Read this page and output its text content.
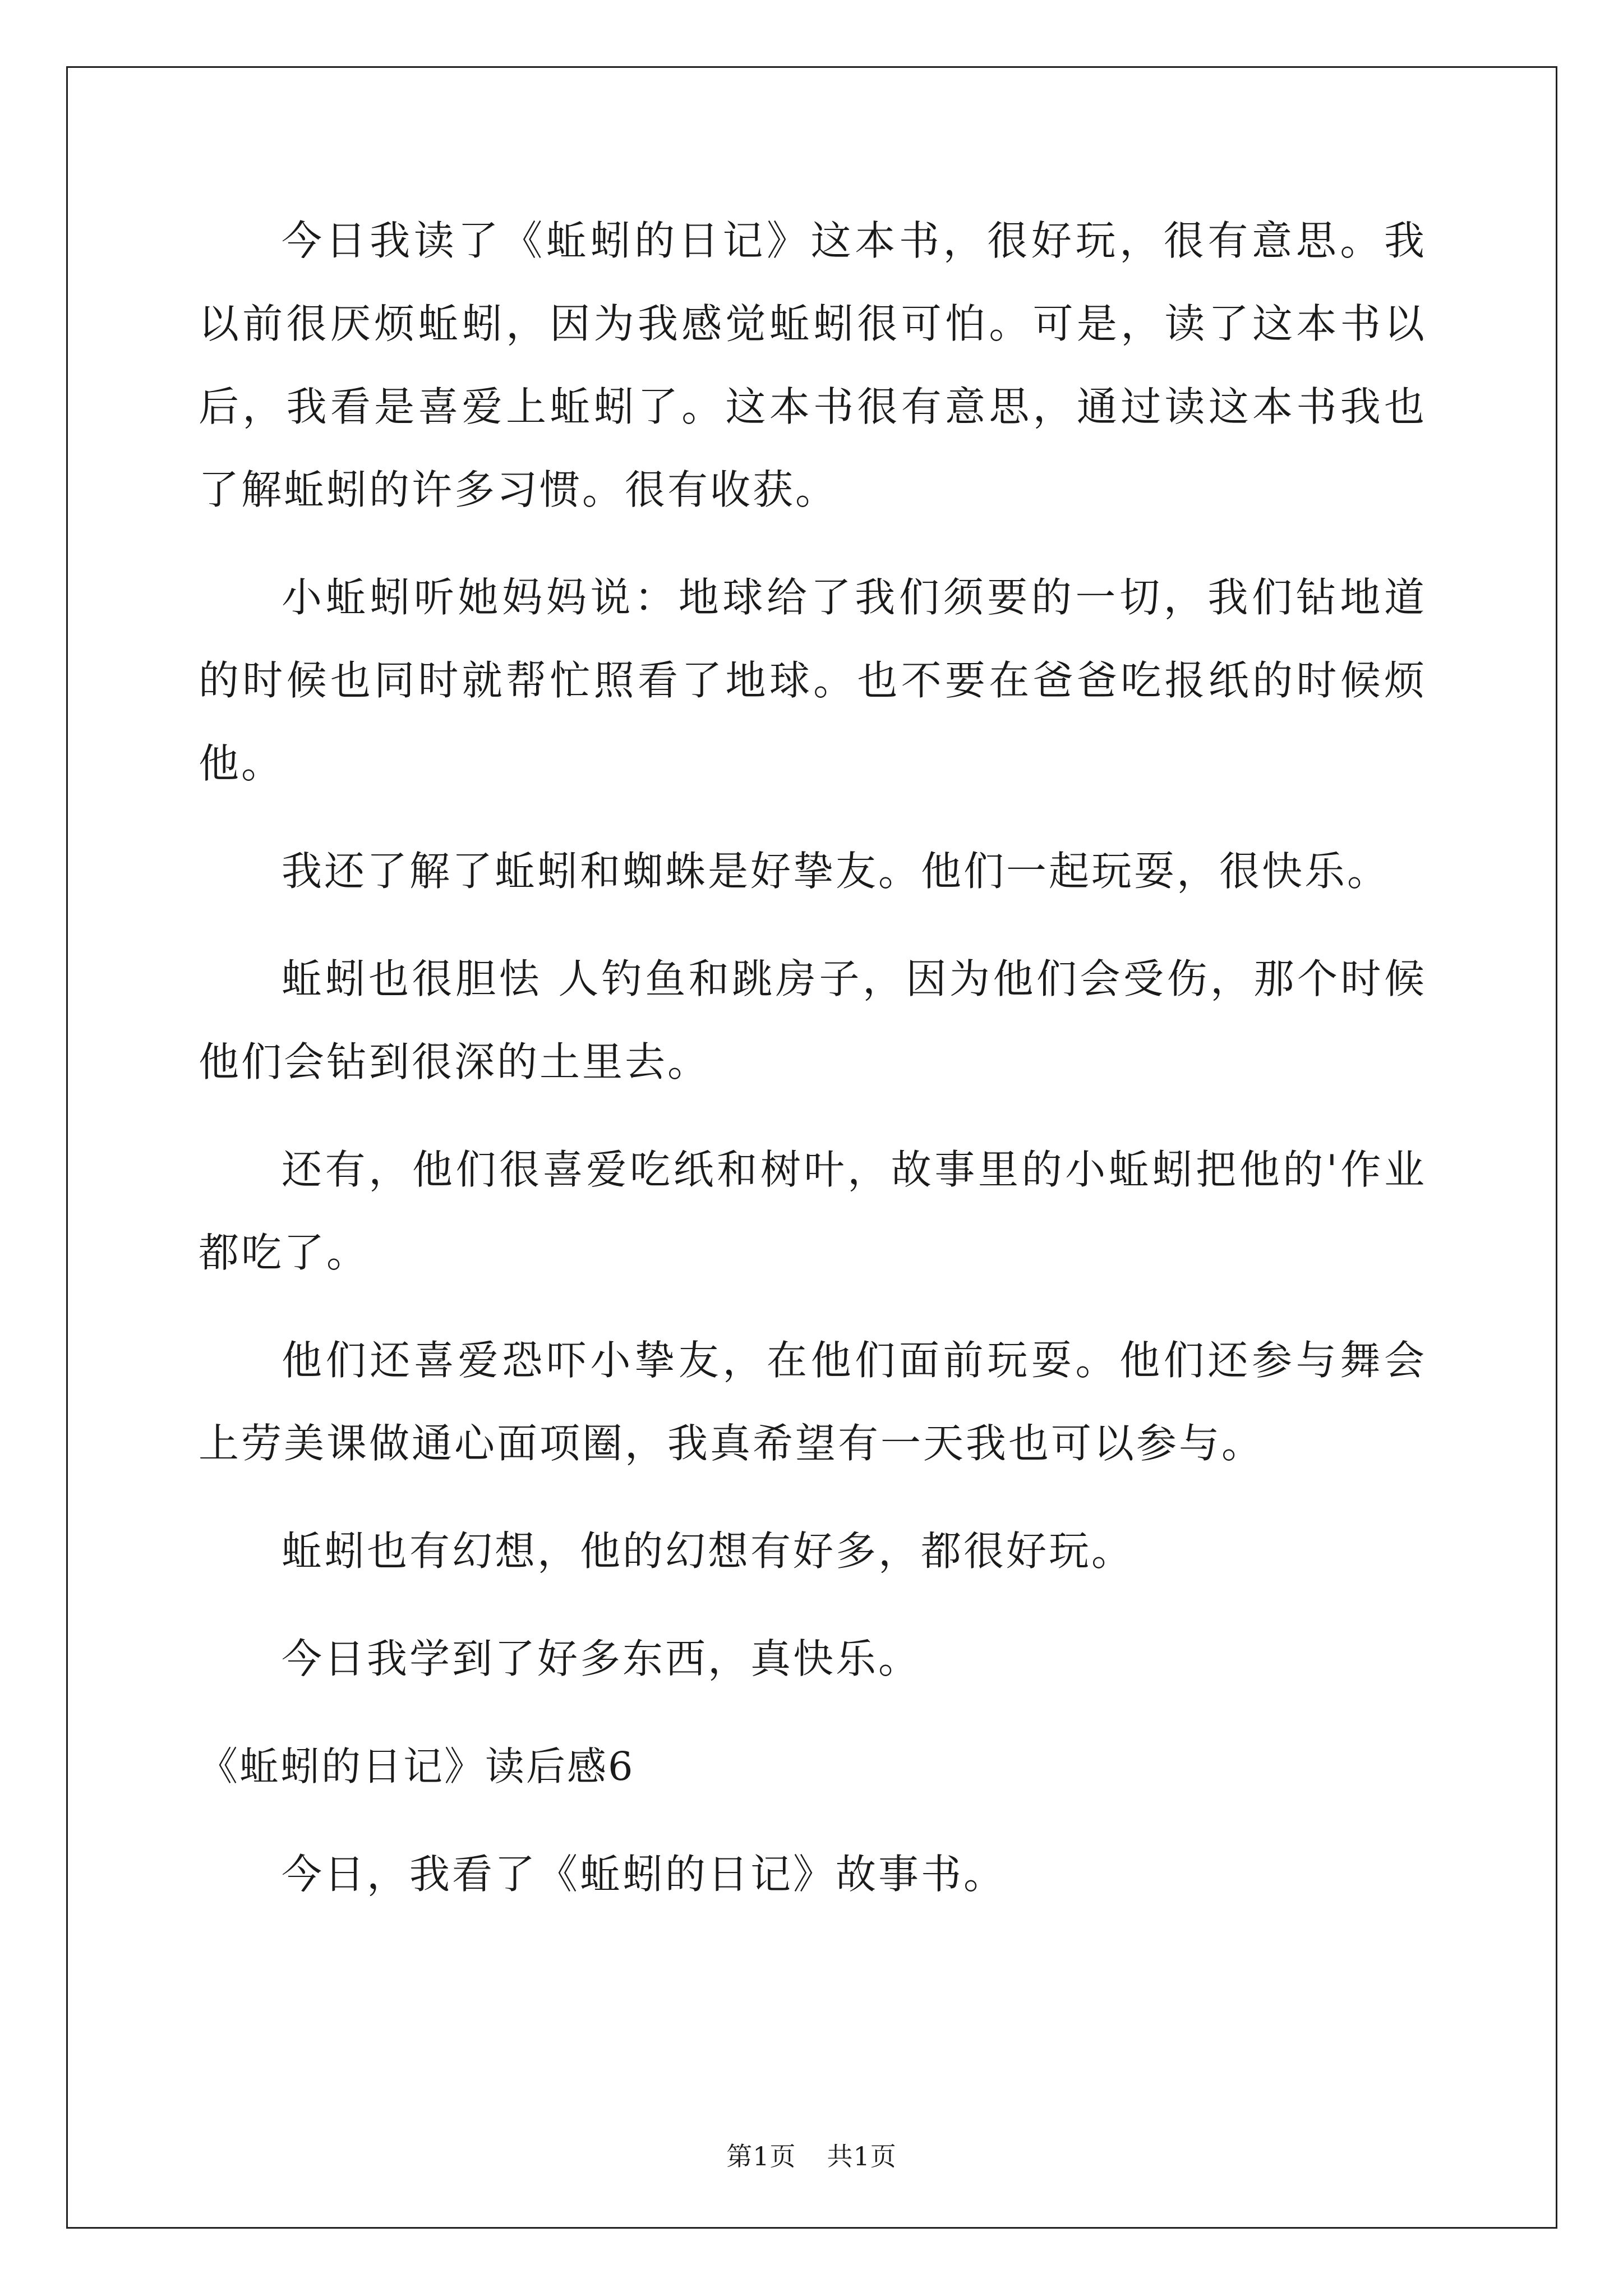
今日我读了《蚯蚓的日记》这本书，很好玩，很有意思。我以前很厌烦蚯蚓，因为我感觉蚯蚓很可怕。可是，读了这本书以后，我看是喜爱上蚯蚓了。这本书很有意思，通过读这本书我也了解蚯蚓的许多习惯。很有收获。

小蚯蚓听她妈妈说：地球给了我们须要的一切，我们钻地道的时候也同时就帮忙照看了地球。也不要在爸爸吃报纸的时候烦他。

我还了解了蚯蚓和蜘蛛是好挚友。他们一起玩耍，很快乐。

蚯蚓也很胆怯 人钓鱼和跳房子，因为他们会受伤，那个时候他们会钻到很深的土里去。

还有，他们很喜爱吃纸和树叶，故事里的小蚯蚓把他的'作业都吃了。

他们还喜爱恐吓小挚友，在他们面前玩耍。他们还参与舞会上劳美课做通心面项圈，我真希望有一天我也可以参与。

蚯蚓也有幻想，他的幻想有好多，都很好玩。

今日我学到了好多东西，真快乐。

《蚯蚓的日记》读后感6

今日，我看了《蚯蚓的日记》故事书。

第1页 共1页
